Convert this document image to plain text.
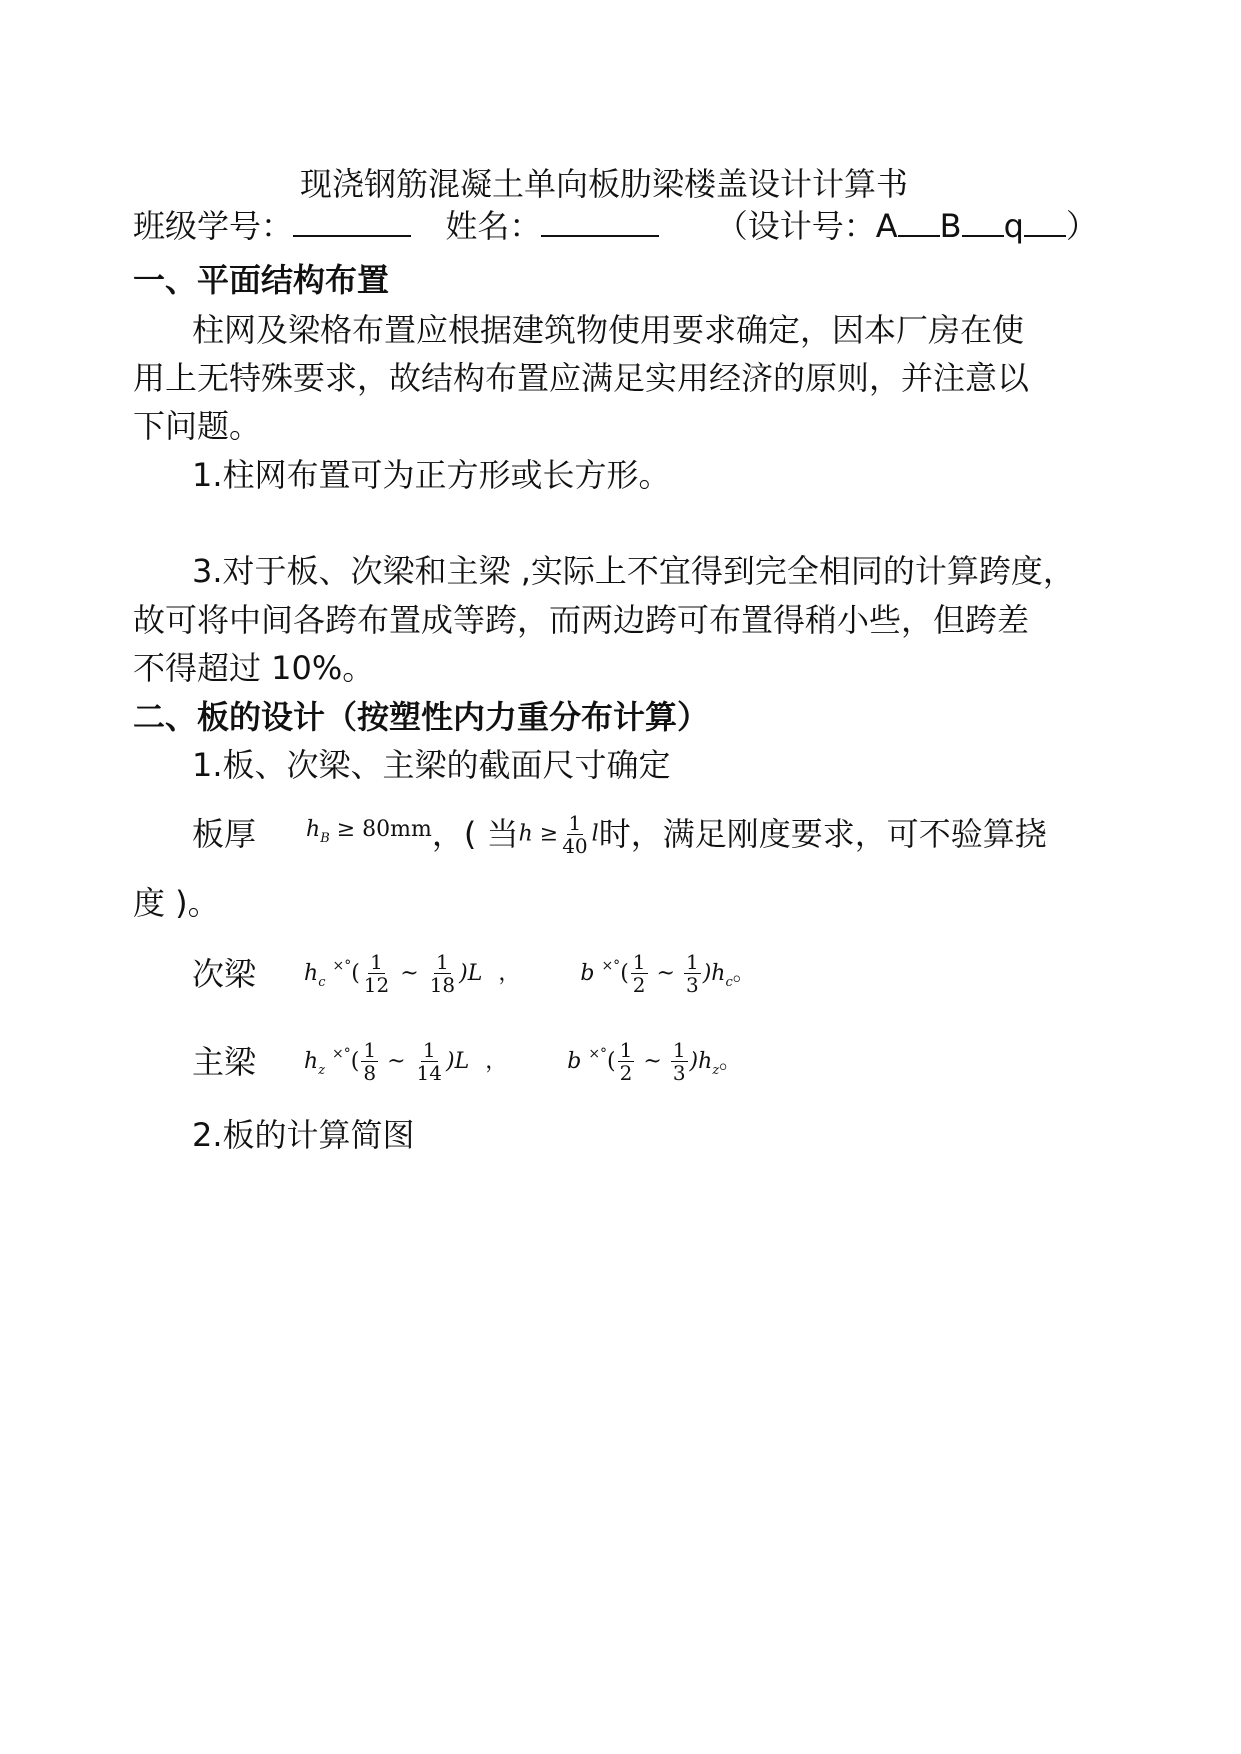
现浇钢筋混凝土单向板肋梁楼盖设计计算书
班级学号：	姓名：	（设计号：A B q ）
一、平面结构布置
柱网及梁格布置应根据建筑物使用要求确定，因本厂房在使
用上无特殊要求，故结构布置应满足实用经济的原则，并注意以
下问题。
1.柱网布置可为正方形或长方形。
3.对于板、次梁和主梁 ,实际上不宜得到完全相同的计算跨度，
故可将中间各跨布置成等跨，而两边跨可布置得稍小些，但跨差
不得超过 10%。
二、板的设计（按塑性内力重分布计算）
1.板、次梁、主梁的截面尺寸确定
板厚 $h_B \ge 80mm$ ，( 当 $h \ge \frac{1}{40}$ l 时，满足刚度要求，可不验算挠
度 )。
次梁 $h_c$ $^{\times^\circ}( \frac{1}{12}$ ~ $\frac{1}{18} )L$ ，	b $^{\times^\circ}( \frac{1}{2}$ ~ $\frac{1}{3} )h_c$ 。
主梁 $h_z$ $^{\times^\circ}( \frac{1}{8}$ ~ $\frac{1}{14} )L$ ，	b $^{\times^\circ}( \frac{1}{2}$ ~ $\frac{1}{3} )h_z$ 。
2.板的计算简图
